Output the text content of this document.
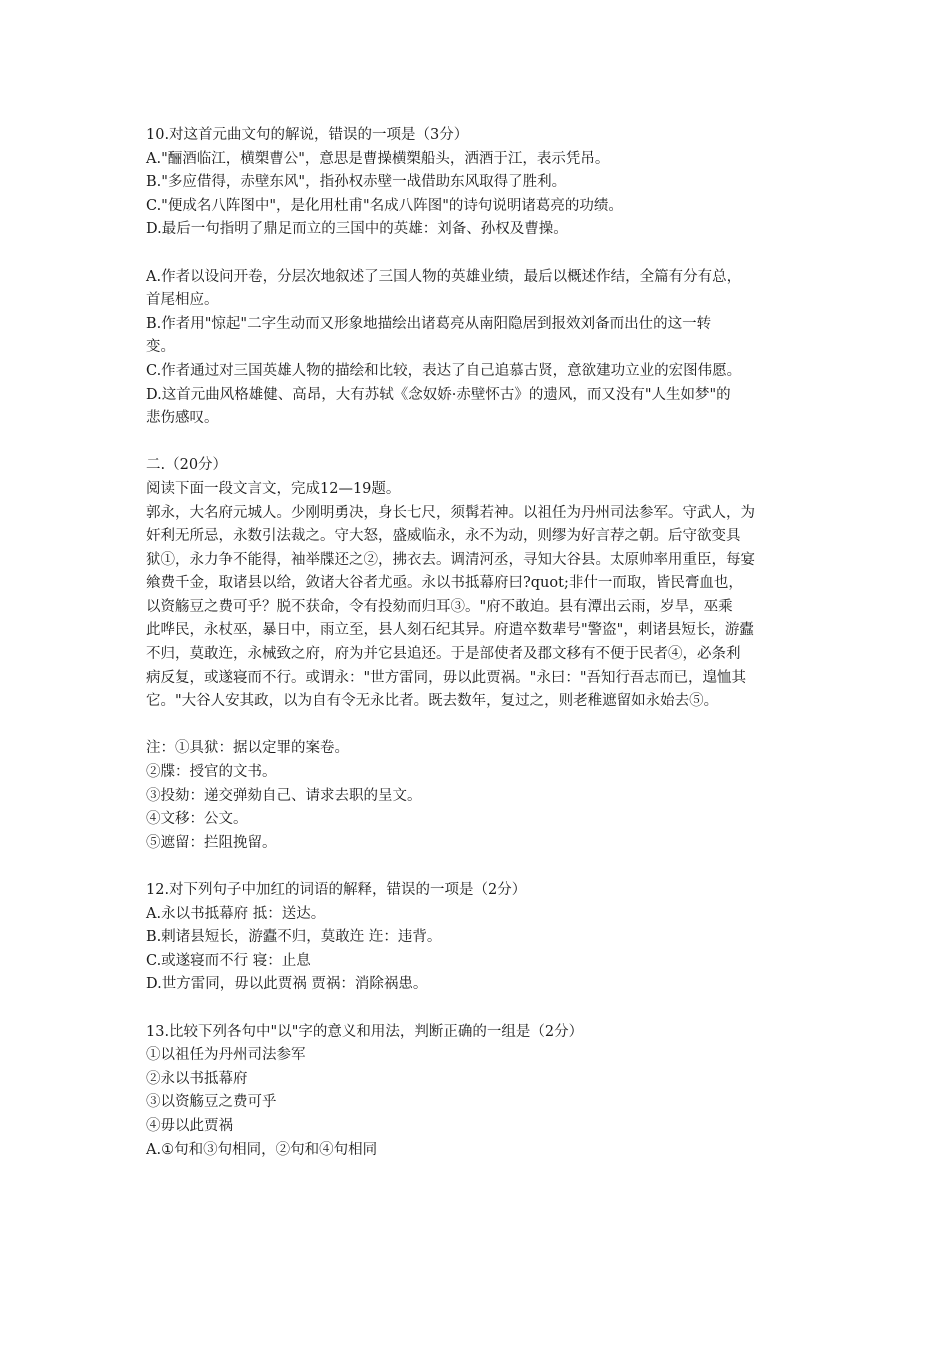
10.对这首元曲文句的解说，错误的一项是（3分）
A."酾酒临江，横槊曹公"，意思是曹操横槊船头，洒酒于江，表示凭吊。
B."多应借得，赤壁东风"，指孙权赤壁一战借助东风取得了胜利。
C."便成名八阵图中"，是化用杜甫"名成八阵图"的诗句说明诸葛亮的功绩。
D.最后一句指明了鼎足而立的三国中的英雄：刘备、孙权及曹操。
A.作者以设问开卷，分层次地叙述了三国人物的英雄业绩，最后以概述作结，全篇有分有总，
首尾相应。
B.作者用"惊起"二字生动而又形象地描绘出诸葛亮从南阳隐居到报效刘备而出仕的这一转
变。
C.作者通过对三国英雄人物的描绘和比较，表达了自己追慕古贤，意欲建功立业的宏图伟愿。
D.这首元曲风格雄健、高昂，大有苏轼《念奴娇·赤壁怀古》的遗风，而又没有"人生如梦"的
悲伤感叹。
二.（20分）
阅读下面一段文言文，完成12—19题。
郭永，大名府元城人。少刚明勇决，身长七尺，须髯若神。以祖任为丹州司法参军。守武人，为
奸利无所忌，永数引法裁之。守大怒，盛威临永，永不为动，则缪为好言荐之朝。后守欲变具
狱①，永力争不能得，袖举牒还之②，拂衣去。调清河丞，寻知大谷县。太原帅率用重臣，每宴
飨费千金，取诸县以给，敛诸大谷者尤亟。永以书抵幕府曰?quot;非什一而取，皆民膏血也，
以资觞豆之费可乎？脱不获命，令有投劾而归耳③。"府不敢迫。县有潭出云雨，岁旱，巫乘
此哗民，永杖巫，暴日中，雨立至，县人刻石纪其异。府遣卒数辈号"警盗"，剌诸县短长，游蠹
不归，莫敢迕，永械致之府，府为并它县追还。于是部使者及郡文移有不便于民者④，必条利
病反复，或遂寝而不行。或谓永："世方雷同，毋以此贾祸。"永曰："吾知行吾志而已，遑恤其
它。"大谷人安其政，以为自有令无永比者。既去数年，复过之，则老稚遮留如永始去⑤。
注：①具狱：据以定罪的案卷。
②牒：授官的文书。
③投劾：递交弹劾自己、请求去职的呈文。
④文移：公文。
⑤遮留：拦阻挽留。
12.对下列句子中加红的词语的解释，错误的一项是（2分）
A.永以书抵幕府 抵：送达。
B.剌诸县短长，游蠹不归，莫敢迕 迕：违背。
C.或遂寝而不行 寝：止息
D.世方雷同，毋以此贾祸 贾祸：消除祸患。
13.比较下列各句中"以"字的意义和用法，判断正确的一组是（2分）
①以祖任为丹州司法参军
②永以书抵幕府
③以资觞豆之费可乎
④毋以此贾祸
A.①句和③句相同，②句和④句相同
